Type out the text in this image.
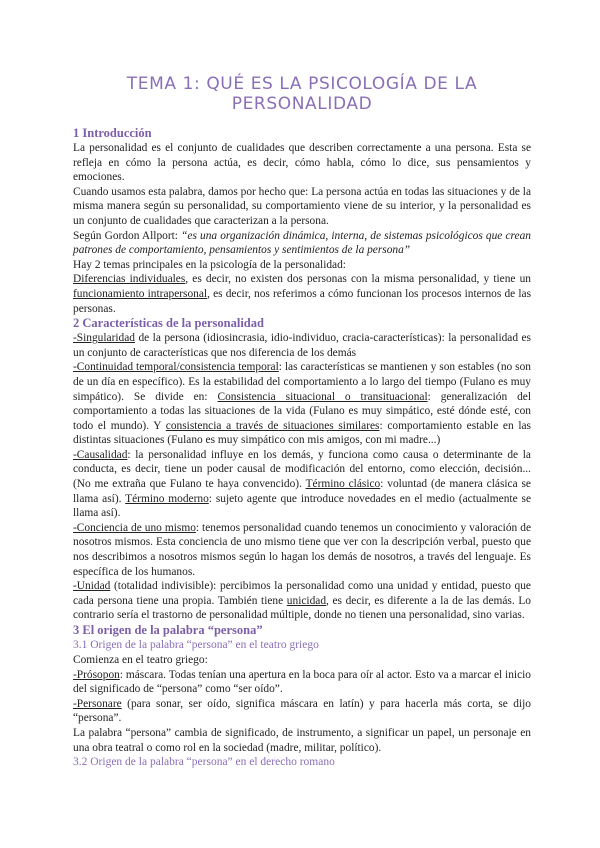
TEMA 1: QUÉ ES LA PSICOLOGÍA DE LA PERSONALIDAD
1 Introducción

La personalidad es el conjunto de cualidades que describen correctamente a una persona. Esta se refleja en cómo la persona actúa, es decir, cómo habla, cómo lo dice, sus pensamientos y emociones.

Cuando usamos esta palabra, damos por hecho que: La persona actúa en todas las situaciones y de la misma manera según su personalidad, su comportamiento viene de su interior, y la personalidad es un conjunto de cualidades que caracterizan a la persona.

Según Gordon Allport: “es una organización dinámica, interna, de sistemas psicológicos que crean patrones de comportamiento, pensamientos y sentimientos de la persona”

Hay 2 temas principales en la psicología de la personalidad:

Diferencias individuales, es decir, no existen dos personas con la misma personalidad, y tiene un funcionamiento intrapersonal, es decir, nos referimos a cómo funcionan los procesos internos de las personas.

2 Características de la personalidad

-Singularidad de la persona (idiosincrasia, idio-individuo, cracia-características): la personalidad es un conjunto de características que nos diferencia de los demás

-Continuidad temporal/consistencia temporal: las características se mantienen y son estables (no son de un día en específico). Es la estabilidad del comportamiento a lo largo del tiempo (Fulano es muy simpático). Se divide en: Consistencia situacional o transituacional: generalización del comportamiento a todas las situaciones de la vida (Fulano es muy simpático, esté dónde esté, con todo el mundo). Y consistencia a través de situaciones similares: comportamiento estable en las distintas situaciones (Fulano es muy simpático con mis amigos, con mi madre...)

-Causalidad: la personalidad influye en los demás, y funciona como causa o determinante de la conducta, es decir, tiene un poder causal de modificación del entorno, como elección, decisión... (No me extraña que Fulano te haya convencido). Término clásico: voluntad (de manera clásica se llama así). Término moderno: sujeto agente que introduce novedades en el medio (actualmente se llama así).

-Conciencia de uno mismo: tenemos personalidad cuando tenemos un conocimiento y valoración de nosotros mismos. Esta conciencia de uno mismo tiene que ver con la descripción verbal, puesto que nos describimos a nosotros mismos según lo hagan los demás de nosotros, a través del lenguaje. Es específica de los humanos.

-Unidad (totalidad indivisible): percibimos la personalidad como una unidad y entidad, puesto que cada persona tiene una propia. También tiene unicidad, es decir, es diferente a la de las demás. Lo contrario sería el trastorno de personalidad múltiple, donde no tienen una personalidad, sino varias.

3 El origen de la palabra “persona”
3.1 Origen de la palabra “persona” en el teatro griego

Comienza en el teatro griego:

-Prósopon: máscara. Todas tenían una apertura en la boca para oír al actor. Esto va a marcar el inicio del significado de “persona” como “ser oído”.

-Personare (para sonar, ser oído, significa máscara en latín) y para hacerla más corta, se dijo “persona”.

La palabra “persona” cambia de significado, de instrumento, a significar un papel, un personaje en una obra teatral o como rol en la sociedad (madre, militar, político).

3.2 Origen de la palabra “persona” en el derecho romano
